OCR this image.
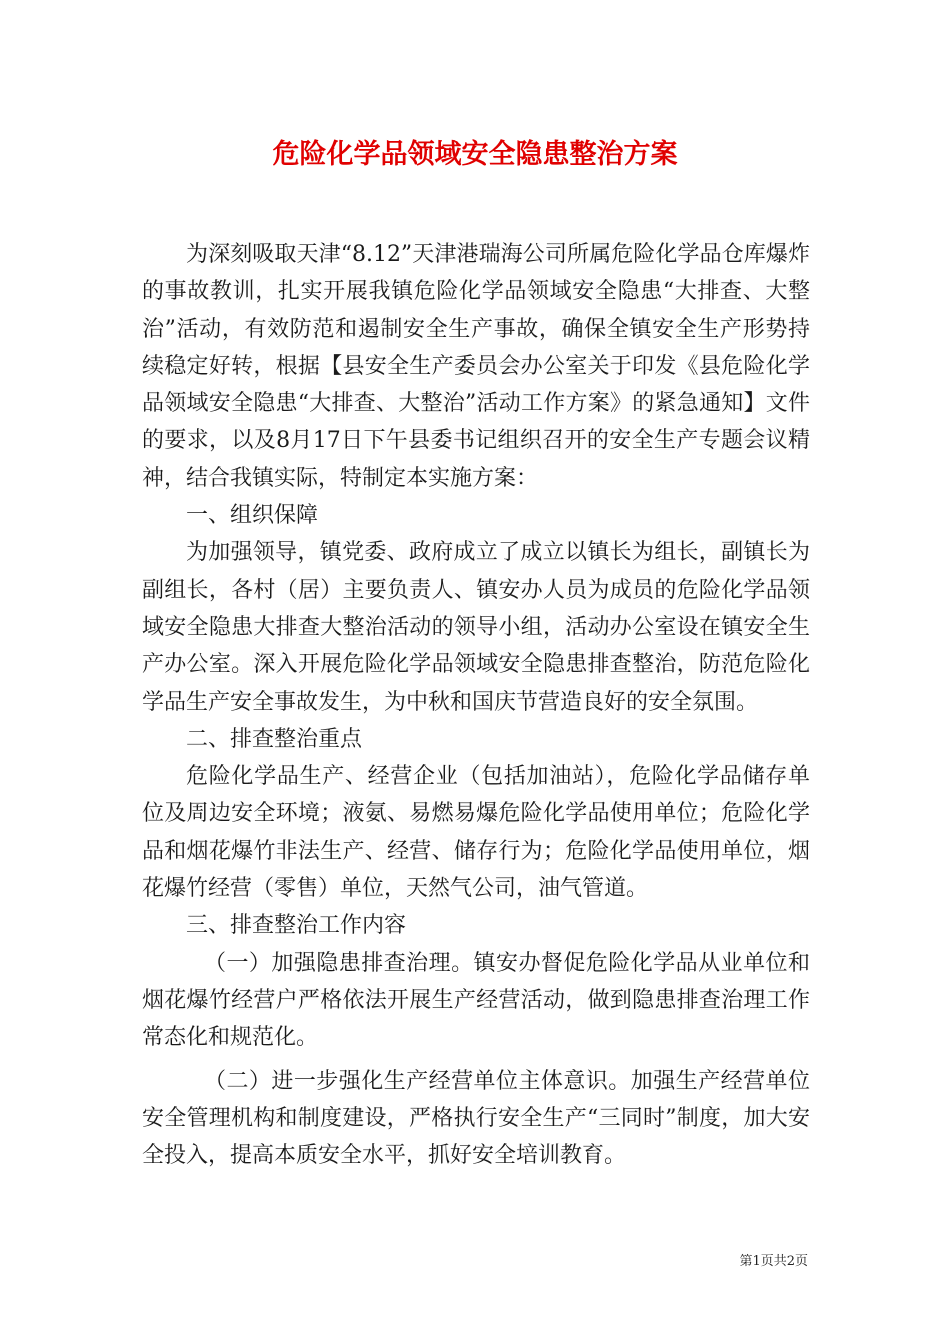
危险化学品领域安全隐患整治方案

为深刻吸取天津“8.12”天津港瑞海公司所属危险化学品仓库爆炸的事故教训，扎实开展我镇危险化学品领域安全隐患“大排查、大整治”活动，有效防范和遏制安全生产事故，确保全镇安全生产形势持续稳定好转，根据【县安全生产委员会办公室关于印发《县危险化学品领域安全隐患“大排查、大整治”活动工作方案》的紧急通知】文件的要求，以及8月17日下午县委书记组织召开的安全生产专题会议精神，结合我镇实际，特制定本实施方案：

一、组织保障

为加强领导，镇党委、政府成立了成立以镇长为组长，副镇长为副组长，各村（居）主要负责人、镇安办人员为成员的危险化学品领域安全隐患大排查大整治活动的领导小组，活动办公室设在镇安全生产办公室。深入开展危险化学品领域安全隐患排查整治，防范危险化学品生产安全事故发生，为中秋和国庆节营造良好的安全氛围。

二、排查整治重点

危险化学品生产、经营企业（包括加油站），危险化学品储存单位及周边安全环境；液氨、易燃易爆危险化学品使用单位；危险化学品和烟花爆竹非法生产、经营、储存行为；危险化学品使用单位，烟花爆竹经营（零售）单位，天然气公司，油气管道。

三、排查整治工作内容

（一）加强隐患排查治理。镇安办督促危险化学品从业单位和烟花爆竹经营户严格依法开展生产经营活动，做到隐患排查治理工作常态化和规范化。

（二）进一步强化生产经营单位主体意识。加强生产经营单位安全管理机构和制度建设，严格执行安全生产“三同时”制度，加大安全投入，提高本质安全水平，抓好安全培训教育。

第1页共2页
